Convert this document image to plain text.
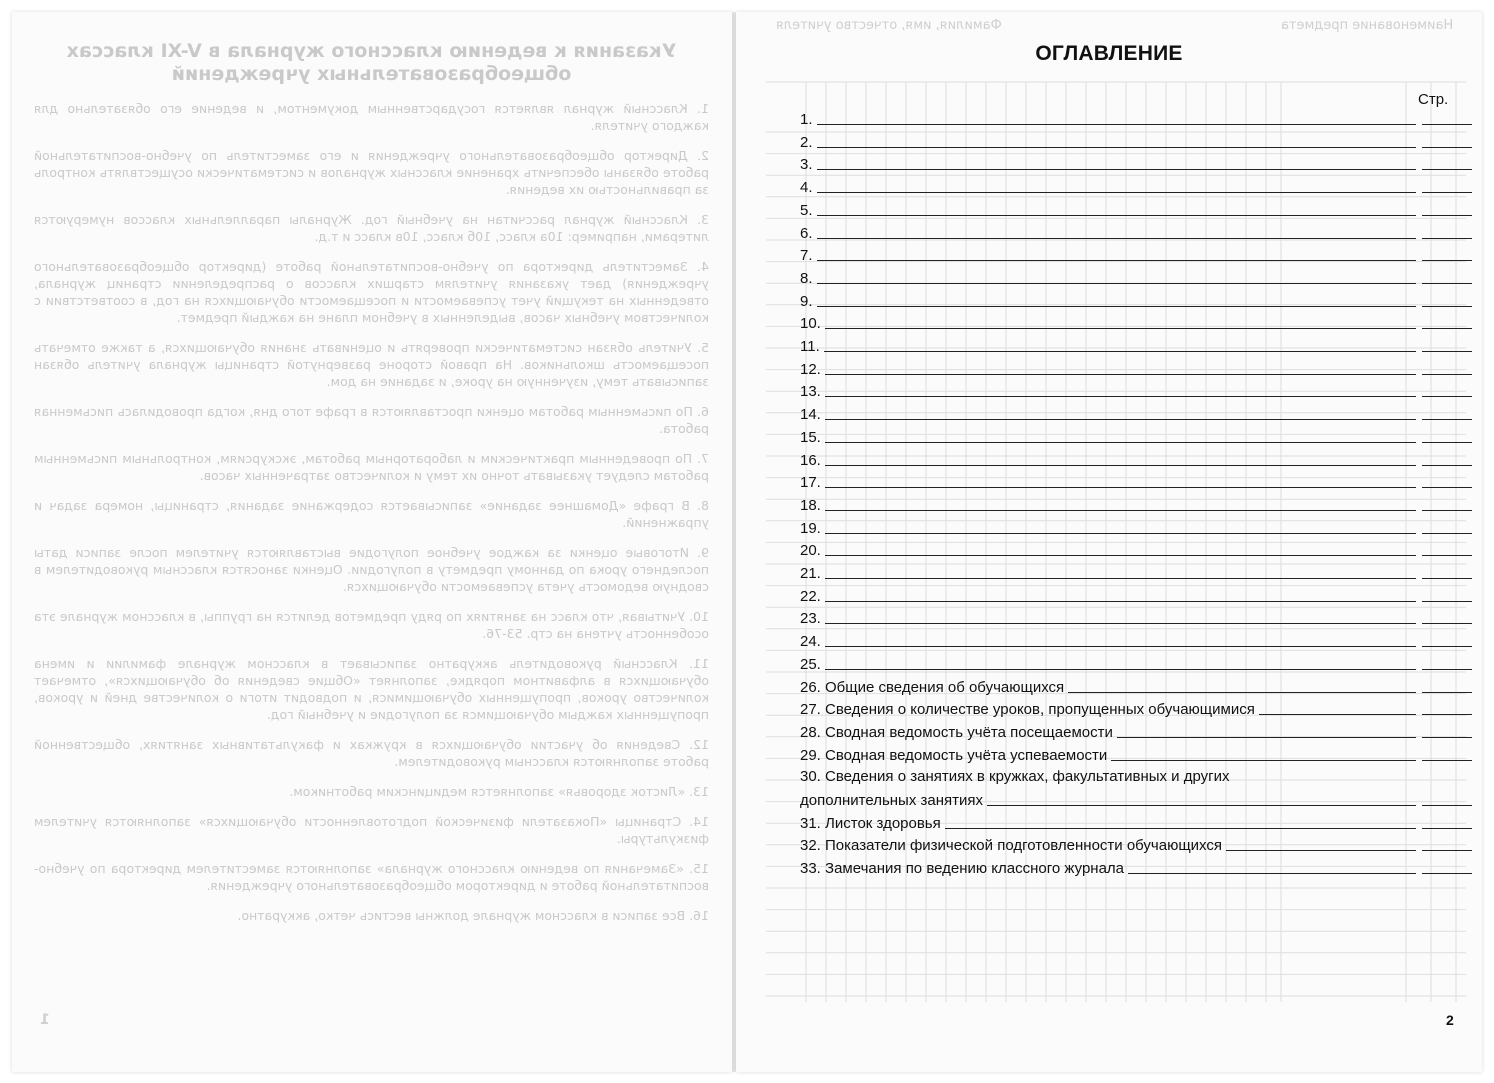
Указания к ведению классного журнала в V-XI классах общеобразовательных учреждений
1. Классный журнал является государственным документом, и ведение его обязательно для каждого учителя.
2. Директор общеобразовательного учреждения и его заместитель по учебно-воспитательной работе обязаны обеспечить хранение классных журналов и систематически осуществлять контроль за правильностью их ведения.
3. Классный журнал рассчитан на учебный год. Журналы параллельных классов нумеруются литерами, например: 10а класс, 10б класс, 10в класс и т.д.
4. Заместитель директора по учебно-воспитательной работе (директор общеобразовательного учреждения) дает указания учителям старших классов о распределении страниц журнала, отведенных на текущий учет успеваемости и посещаемости обучающихся на год, в соответствии с количеством учебных часов, выделенных в учебном плане на каждый предмет.
5. Учитель обязан систематически проверять и оценивать знания обучающихся, а также отмечать посещаемость школьников. На правой стороне развернутой страницы журнала учитель обязан записывать тему, изученную на уроке, и задание на дом.
6. По письменным работам оценки проставляются в графе того дня, когда проводилась письменная работа.
7. По проведенным практическим и лабораторным работам, экскурсиям, контрольным письменным работам следует указывать точно их тему и количество затраченных часов.
8. В графе «Домашнее задание» записывается содержание задания, страницы, номера задач и упражнений.
9. Итоговые оценки за каждое учебное полугодие выставляются учителем после записи даты последнего урока по данному предмету в полугодии. Оценки заносятся классным руководителем в сводную ведомость учета успеваемости обучающихся.
10. Учитывая, что класс на занятиях по ряду предметов делится на группы, в классном журнале эта особенность учтена на стр. 53-76.
11. Классный руководитель аккуратно записывает в классном журнале фамилии и имена обучающихся в алфавитном порядке, заполняет «Общие сведения об обучающихся», отмечает количество уроков, пропущенных обучающимися, и подводит итоги о количестве дней и уроков, пропущенных каждым обучающимся за полугодие и учебный год.
12. Сведения об участии обучающихся в кружках и факультативных занятиях, общественной работе заполняются классным руководителем.
13. «Листок здоровья» заполняется медицинским работником.
14. Страницы «Показатели физической подготовленности обучающихся» заполняются учителем физкультуры.
15. «Замечания по ведению классного журнала» заполняются заместителем директора по учебно-воспитательной работе и директором общеобразовательного учреждения.
16. Все записи в классном журнале должны вестись четко, аккуратно.
1
Фамилия, имя, отчество учителя	Наименование предмета
ОГЛАВЛЕНИЕ
Стр.
1.
2.
3.
4.
5.
6.
7.
8.
9.
10.
11.
12.
13.
14.
15.
16.
17.
18.
19.
20.
21.
22.
23.
24.
25.
26. Общие сведения об обучающихся
27. Сведения о количестве уроков, пропущенных обучающимися
28. Сводная ведомость учёта посещаемости
29. Сводная ведомость учёта успеваемости
30. Сведения о занятиях в кружках, факультативных и других
дополнительных занятиях
31. Листок здоровья
32. Показатели физической подготовленности обучающихся
33. Замечания по ведению классного журнала
2
